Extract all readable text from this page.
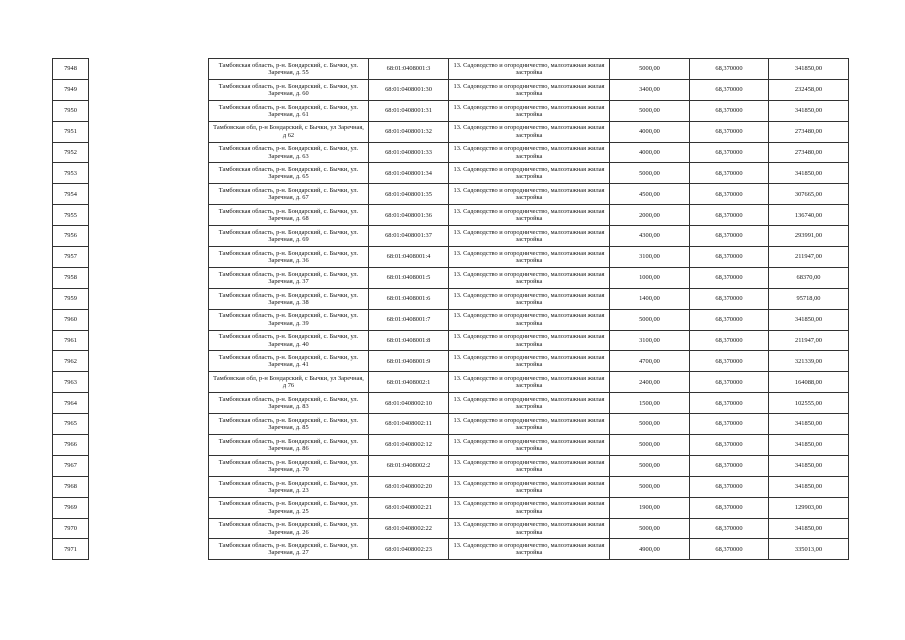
7948		Тамбовская область, р-н. Бондарский, с. Бычки, ул. Заречная, д. 55	68:01:0408001:3	13. Садоводство и огородничество, малоэтажная жилая застройка	5000,00	68,370000	341850,00
7949		Тамбовская область, р-н. Бондарский, с. Бычки, ул. Заречная, д. 60	68:01:0408001:30	13. Садоводство и огородничество, малоэтажная жилая застройка	3400,00	68,370000	232458,00
7950		Тамбовская область, р-н. Бондарский, с. Бычки, ул. Заречная, д. 61	68:01:0408001:31	13. Садоводство и огородничество, малоэтажная жилая застройка	5000,00	68,370000	341850,00
7951		Тамбовская обл, р-н Бондарский, с Бычки, ул Заречная, д 62	68:01:0408001:32	13. Садоводство и огородничество, малоэтажная жилая застройка	4000,00	68,370000	273480,00
7952		Тамбовская область, р-н. Бондарский, с. Бычки, ул. Заречная, д. 63	68:01:0408001:33	13. Садоводство и огородничество, малоэтажная жилая застройка	4000,00	68,370000	273480,00
7953		Тамбовская область, р-н. Бондарский, с. Бычки, ул. Заречная, д. 65	68:01:0408001:34	13. Садоводство и огородничество, малоэтажная жилая застройка	5000,00	68,370000	341850,00
7954		Тамбовская область, р-н. Бондарский, с. Бычки, ул. Заречная, д. 67	68:01:0408001:35	13. Садоводство и огородничество, малоэтажная жилая застройка	4500,00	68,370000	307665,00
7955		Тамбовская область, р-н. Бондарский, с. Бычки, ул. Заречная, д. 68	68:01:0408001:36	13. Садоводство и огородничество, малоэтажная жилая застройка	2000,00	68,370000	136740,00
7956		Тамбовская область, р-н. Бондарский, с. Бычки, ул. Заречная, д. 69	68:01:0408001:37	13. Садоводство и огородничество, малоэтажная жилая застройка	4300,00	68,370000	293991,00
7957		Тамбовская область, р-н. Бондарский, с. Бычки, ул. Заречная, д. 36	68:01:0408001:4	13. Садоводство и огородничество, малоэтажная жилая застройка	3100,00	68,370000	211947,00
7958		Тамбовская область, р-н. Бондарский, с. Бычки, ул. Заречная, д. 37	68:01:0408001:5	13. Садоводство и огородничество, малоэтажная жилая застройка	1000,00	68,370000	68370,00
7959		Тамбовская область, р-н. Бондарский, с. Бычки, ул. Заречная, д. 38	68:01:0408001:6	13. Садоводство и огородничество, малоэтажная жилая застройка	1400,00	68,370000	95718,00
7960		Тамбовская область, р-н. Бондарский, с. Бычки, ул. Заречная, д. 39	68:01:0408001:7	13. Садоводство и огородничество, малоэтажная жилая застройка	5000,00	68,370000	341850,00
7961		Тамбовская область, р-н. Бондарский, с. Бычки, ул. Заречная, д. 40	68:01:0408001:8	13. Садоводство и огородничество, малоэтажная жилая застройка	3100,00	68,370000	211947,00
7962		Тамбовская область, р-н. Бондарский, с. Бычки, ул. Заречная, д. 41	68:01:0408001:9	13. Садоводство и огородничество, малоэтажная жилая застройка	4700,00	68,370000	321339,00
7963		Тамбовская обл, р-н Бондарский, с Бычки, ул Заречная, д 76	68:01:0408002:1	13. Садоводство и огородничество, малоэтажная жилая застройка	2400,00	68,370000	164088,00
7964		Тамбовская область, р-н. Бондарский, с. Бычки, ул. Заречная, д. 83	68:01:0408002:10	13. Садоводство и огородничество, малоэтажная жилая застройка	1500,00	68,370000	102555,00
7965		Тамбовская область, р-н. Бондарский, с. Бычки, ул. Заречная, д. 85	68:01:0408002:11	13. Садоводство и огородничество, малоэтажная жилая застройка	5000,00	68,370000	341850,00
7966		Тамбовская область, р-н. Бондарский, с. Бычки, ул. Заречная, д. 86	68:01:0408002:12	13. Садоводство и огородничество, малоэтажная жилая застройка	5000,00	68,370000	341850,00
7967		Тамбовская область, р-н. Бондарский, с. Бычки, ул. Заречная, д. 70	68:01:0408002:2	13. Садоводство и огородничество, малоэтажная жилая застройка	5000,00	68,370000	341850,00
7968		Тамбовская область, р-н. Бондарский, с. Бычки, ул. Заречная, д. 23	68:01:0408002:20	13. Садоводство и огородничество, малоэтажная жилая застройка	5000,00	68,370000	341850,00
7969		Тамбовская область, р-н. Бондарский, с. Бычки, ул. Заречная, д. 25	68:01:0408002:21	13. Садоводство и огородничество, малоэтажная жилая застройка	1900,00	68,370000	129903,00
7970		Тамбовская область, р-н. Бондарский, с. Бычки, ул. Заречная, д. 26	68:01:0408002:22	13. Садоводство и огородничество, малоэтажная жилая застройка	5000,00	68,370000	341850,00
7971		Тамбовская область, р-н. Бондарский, с. Бычки, ул. Заречная, д. 27	68:01:0408002:23	13. Садоводство и огородничество, малоэтажная жилая застройка	4900,00	68,370000	335013,00
